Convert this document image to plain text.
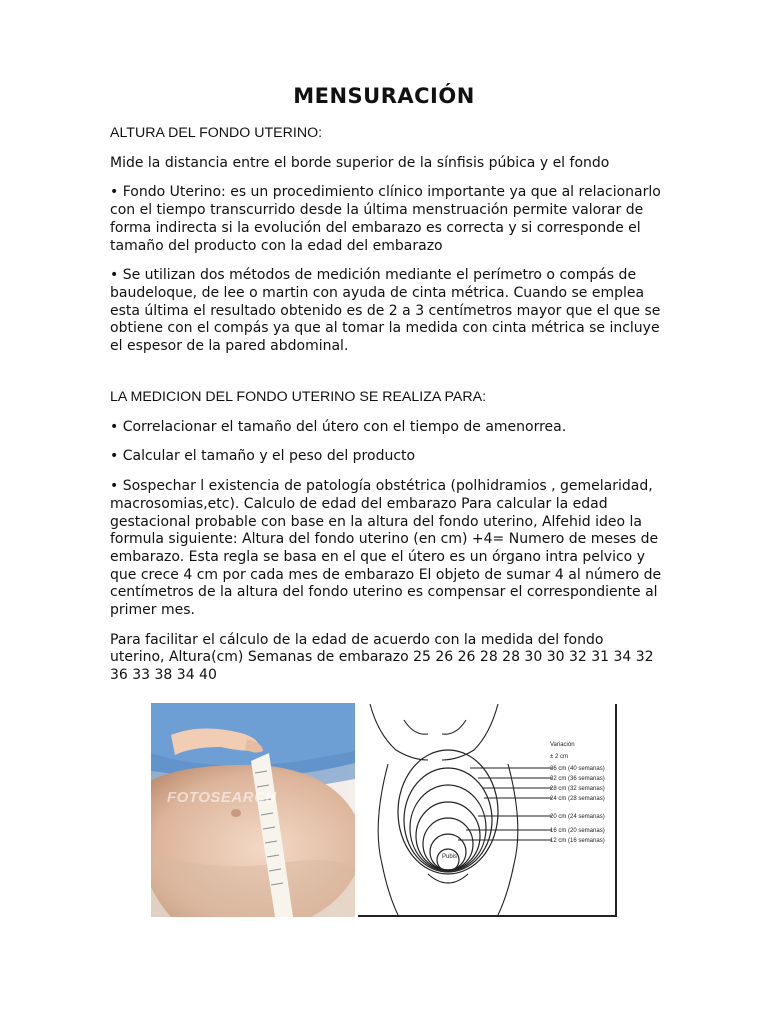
MENSURACIÓN

ALTURA DEL FONDO UTERINO:

Mide la distancia entre el borde superior de la sínfisis púbica y el fondo

• Fondo Uterino: es un procedimiento clínico importante ya que al relacionarlo con el tiempo transcurrido desde la última menstruación permite valorar de forma indirecta si la evolución del embarazo es correcta y si corresponde el tamaño del producto con la edad del embarazo

• Se utilizan dos métodos de medición mediante el perímetro o compás de baudeloque, de lee o martin con ayuda de cinta métrica. Cuando se emplea esta última el resultado obtenido es de 2 a 3 centímetros mayor que el que se obtiene con el compás ya que al tomar la medida con cinta métrica se incluye el espesor de la pared abdominal.

LA MEDICION DEL FONDO UTERINO SE REALIZA PARA:

• Correlacionar el tamaño del útero con el tiempo de amenorrea.

• Calcular el tamaño y el peso del producto

• Sospechar l existencia de patología obstétrica (polhidramios , gemelaridad, macrosomias,etc). Calculo de edad del embarazo Para calcular la edad gestacional probable con base en la altura del fondo uterino, Alfehid ideo la formula siguiente: Altura del fondo uterino (en cm) +4= Numero de meses de embarazo. Esta regla se basa en el que el útero es un órgano intra pelvico y que crece 4 cm por cada mes de embarazo El objeto de sumar 4 al número de centímetros de la altura del fondo uterino es compensar el correspondiente al primer mes.

Para facilitar el cálculo de la edad de acuerdo con la medida del fondo uterino, Altura(cm) Semanas de embarazo 25 26 26 28 28 30 30 32 31 34 32 36 33 38 34 40

FOTOSEARCH
Variación
± 2 cm
36 cm (40 semanas)
32 cm (36 semanas)
28 cm (32 semanas)
24 cm (28 semanas)
20 cm (24 semanas)
16 cm (20 semanas)
12 cm (16 semanas)
Pubis
